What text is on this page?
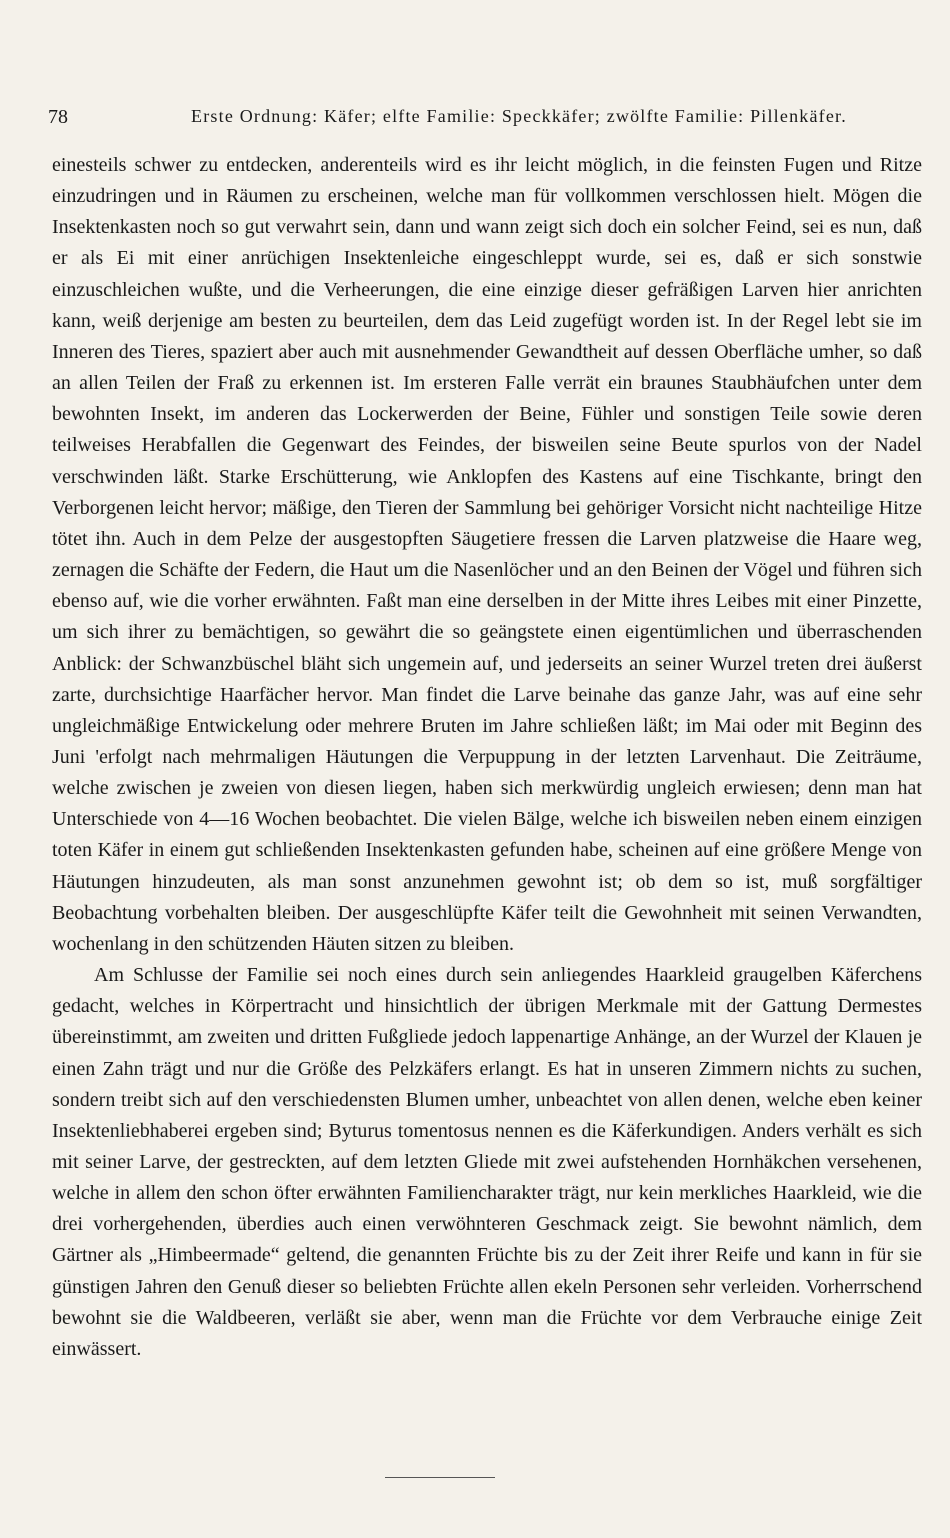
78	Erste Ordnung: Käfer; elfte Familie: Speckkäfer; zwölfte Familie: Pillenkäfer.

einesteils schwer zu entdecken, anderenteils wird es ihr leicht möglich, in die feinsten Fugen und Ritze einzudringen und in Räumen zu erscheinen, welche man für vollkommen verschlossen hielt. Mögen die Insektenkasten noch so gut verwahrt sein, dann und wann zeigt sich doch ein solcher Feind, sei es nun, daß er als Ei mit einer anrüchigen Insektenleiche eingeschleppt wurde, sei es, daß er sich sonstwie einzuschleichen wußte, und die Verheerungen, die eine einzige dieser gefräßigen Larven hier anrichten kann, weiß derjenige am besten zu beurteilen, dem das Leid zugefügt worden ist. In der Regel lebt sie im Inneren des Tieres, spaziert aber auch mit ausnehmender Gewandtheit auf dessen Oberfläche umher, so daß an allen Teilen der Fraß zu erkennen ist. Im ersteren Falle verrät ein braunes Staubhäufchen unter dem bewohnten Insekt, im anderen das Lockerwerden der Beine, Fühler und sonstigen Teile sowie deren teilweises Herabfallen die Gegenwart des Feindes, der bisweilen seine Beute spurlos von der Nadel verschwinden läßt. Starke Erschütterung, wie Anklopfen des Kastens auf eine Tischkante, bringt den Verborgenen leicht hervor; mäßige, den Tieren der Sammlung bei gehöriger Vorsicht nicht nachteilige Hitze tötet ihn. Auch in dem Pelze der ausgestopften Säugetiere fressen die Larven platzweise die Haare weg, zernagen die Schäfte der Federn, die Haut um die Nasenlöcher und an den Beinen der Vögel und führen sich ebenso auf, wie die vorher erwähnten. Faßt man eine derselben in der Mitte ihres Leibes mit einer Pinzette, um sich ihrer zu bemächtigen, so gewährt die so geängstete einen eigentümlichen und überraschenden Anblick: der Schwanzbüschel bläht sich ungemein auf, und jederseits an seiner Wurzel treten drei äußerst zarte, durchsichtige Haarfächer hervor. Man findet die Larve beinahe das ganze Jahr, was auf eine sehr ungleichmäßige Entwickelung oder mehrere Bruten im Jahre schließen läßt; im Mai oder mit Beginn des Juni 'erfolgt nach mehrmaligen Häutungen die Verpuppung in der letzten Larvenhaut. Die Zeiträume, welche zwischen je zweien von diesen liegen, haben sich merkwürdig ungleich erwiesen; denn man hat Unterschiede von 4—16 Wochen beobachtet. Die vielen Bälge, welche ich bisweilen neben einem einzigen toten Käfer in einem gut schließenden Insektenkasten gefunden habe, scheinen auf eine größere Menge von Häutungen hinzudeuten, als man sonst anzunehmen gewohnt ist; ob dem so ist, muß sorgfältiger Beobachtung vorbehalten bleiben. Der ausgeschlüpfte Käfer teilt die Gewohnheit mit seinen Verwandten, wochenlang in den schützenden Häuten sitzen zu bleiben.

Am Schlusse der Familie sei noch eines durch sein anliegendes Haarkleid graugelben Käferchens gedacht, welches in Körpertracht und hinsichtlich der übrigen Merkmale mit der Gattung Dermestes übereinstimmt, am zweiten und dritten Fußgliede jedoch lappenartige Anhänge, an der Wurzel der Klauen je einen Zahn trägt und nur die Größe des Pelzkäfers erlangt. Es hat in unseren Zimmern nichts zu suchen, sondern treibt sich auf den verschiedensten Blumen umher, unbeachtet von allen denen, welche eben keiner Insektenliebhaberei ergeben sind; Byturus tomentosus nennen es die Käferkundigen. Anders verhält es sich mit seiner Larve, der gestreckten, auf dem letzten Gliede mit zwei aufstehenden Hornhäkchen versehenen, welche in allem den schon öfter erwähnten Familiencharakter trägt, nur kein merkliches Haarkleid, wie die drei vorhergehenden, überdies auch einen verwöhnteren Geschmack zeigt. Sie bewohnt nämlich, dem Gärtner als „Himbeermade“ geltend, die genannten Früchte bis zu der Zeit ihrer Reife und kann in für sie günstigen Jahren den Genuß dieser so beliebten Früchte allen ekeln Personen sehr verleiden. Vorherrschend bewohnt sie die Waldbeeren, verläßt sie aber, wenn man die Früchte vor dem Verbrauche einige Zeit einwässert.
